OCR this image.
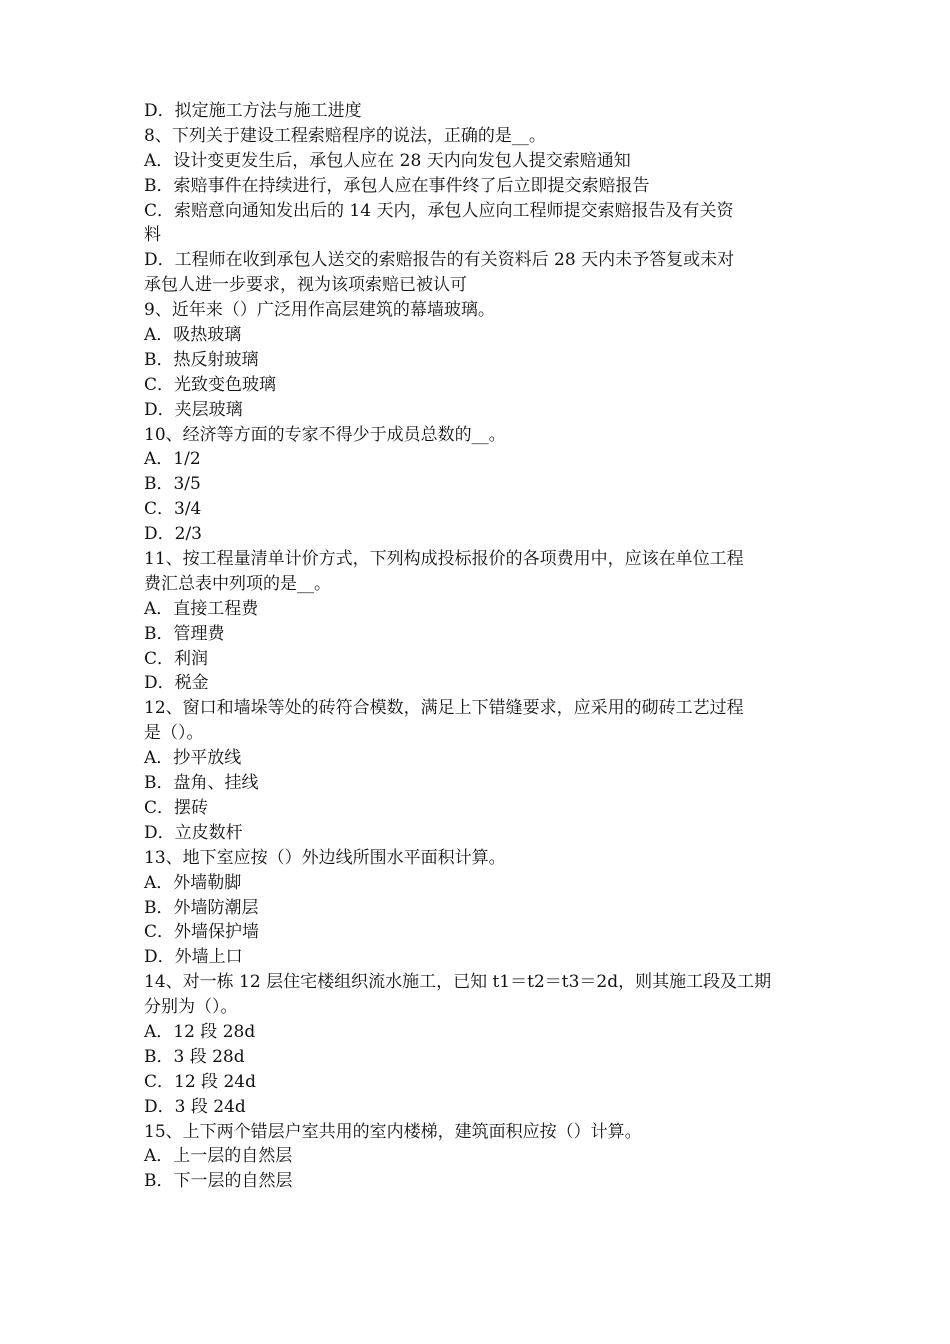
D．拟定施工方法与施工进度
8、下列关于建设工程索赔程序的说法，正确的是__。
A．设计变更发生后，承包人应在 28 天内向发包人提交索赔通知
B．索赔事件在持续进行，承包人应在事件终了后立即提交索赔报告
C．索赔意向通知发出后的 14 天内，承包人应向工程师提交索赔报告及有关资
料
D．工程师在收到承包人送交的索赔报告的有关资料后 28 天内未予答复或未对
承包人进一步要求，视为该项索赔已被认可
9、近年来（）广泛用作高层建筑的幕墙玻璃。
A．吸热玻璃
B．热反射玻璃
C．光致变色玻璃
D．夹层玻璃
10、经济等方面的专家不得少于成员总数的__。
A．1/2
B．3/5
C．3/4
D．2/3
11、按工程量清单计价方式，下列构成投标报价的各项费用中，应该在单位工程
费汇总表中列项的是__。
A．直接工程费
B．管理费
C．利润
D．税金
12、窗口和墙垛等处的砖符合模数，满足上下错缝要求，应采用的砌砖工艺过程
是（）。
A．抄平放线
B．盘角、挂线
C．摆砖
D．立皮数杆
13、地下室应按（）外边线所围水平面积计算。
A．外墙勒脚
B．外墙防潮层
C．外墙保护墙
D．外墙上口
14、对一栋 12 层住宅楼组织流水施工，已知 t1＝t2＝t3＝2d，则其施工段及工期
分别为（）。
A．12 段 28d
B．3 段 28d
C．12 段 24d
D．3 段 24d
15、上下两个错层户室共用的室内楼梯，建筑面积应按（）计算。
A．上一层的自然层
B．下一层的自然层
